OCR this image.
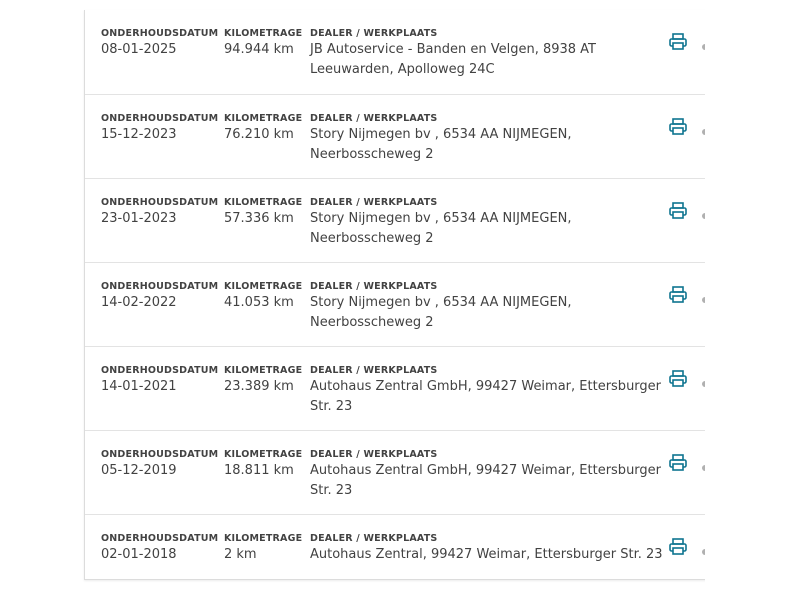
ONDERHOUDSDATUM KILOMETRAGE DEALER / WERKPLAATS
08-01-2025	94.944 km JB Autoservice - Banden en Velgen, 8938 AT Leeuwarden, Apolloweg 24C
ONDERHOUDSDATUM KILOMETRAGE DEALER / WERKPLAATS
15-12-2023	76.210 km Story Nijmegen bv , 6534 AA NIJMEGEN, Neerbosscheweg 2
ONDERHOUDSDATUM KILOMETRAGE DEALER / WERKPLAATS
23-01-2023	57.336 km Story Nijmegen bv , 6534 AA NIJMEGEN, Neerbosscheweg 2
ONDERHOUDSDATUM KILOMETRAGE DEALER / WERKPLAATS
14-02-2022	41.053 km Story Nijmegen bv , 6534 AA NIJMEGEN, Neerbosscheweg 2
ONDERHOUDSDATUM KILOMETRAGE DEALER / WERKPLAATS
14-01-2021	23.389 km Autohaus Zentral GmbH, 99427 Weimar, Ettersburger Str. 23
ONDERHOUDSDATUM KILOMETRAGE DEALER / WERKPLAATS
05-12-2019	18.811 km Autohaus Zentral GmbH, 99427 Weimar, Ettersburger Str. 23
ONDERHOUDSDATUM KILOMETRAGE DEALER / WERKPLAATS
02-01-2018	2 km	Autohaus Zentral, 99427 Weimar, Ettersburger Str. 23
